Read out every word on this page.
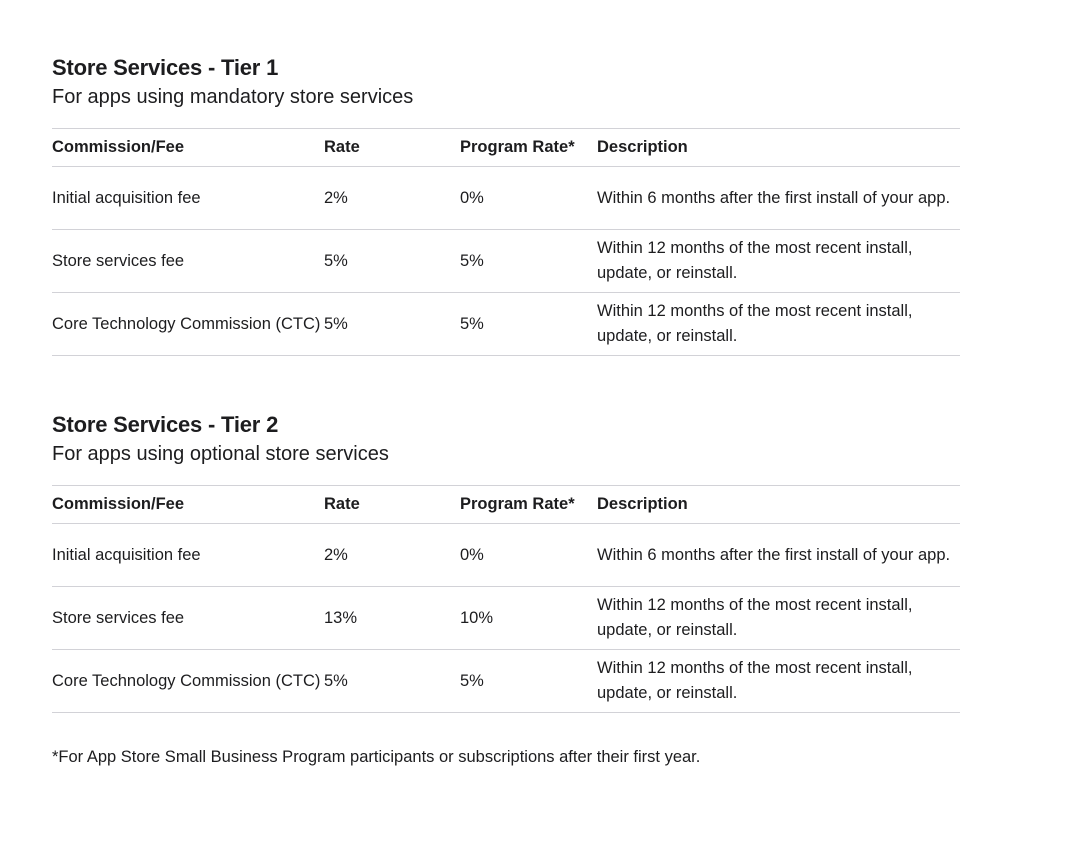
Store Services - Tier 1
For apps using mandatory store services
Commission/Fee	Rate	Program Rate*	Description
Initial acquisition fee	2%	0%	Within 6 months after the first install of your app.
Store services fee	5%	5%	Within 12 months of the most recent install, update, or reinstall.
Core Technology Commission (CTC)	5%	5%	Within 12 months of the most recent install, update, or reinstall.
Store Services - Tier 2
For apps using optional store services
Commission/Fee	Rate	Program Rate*	Description
Initial acquisition fee	2%	0%	Within 6 months after the first install of your app.
Store services fee	13%	10%	Within 12 months of the most recent install, update, or reinstall.
Core Technology Commission (CTC)	5%	5%	Within 12 months of the most recent install, update, or reinstall.

*For App Store Small Business Program participants or subscriptions after their first year.
